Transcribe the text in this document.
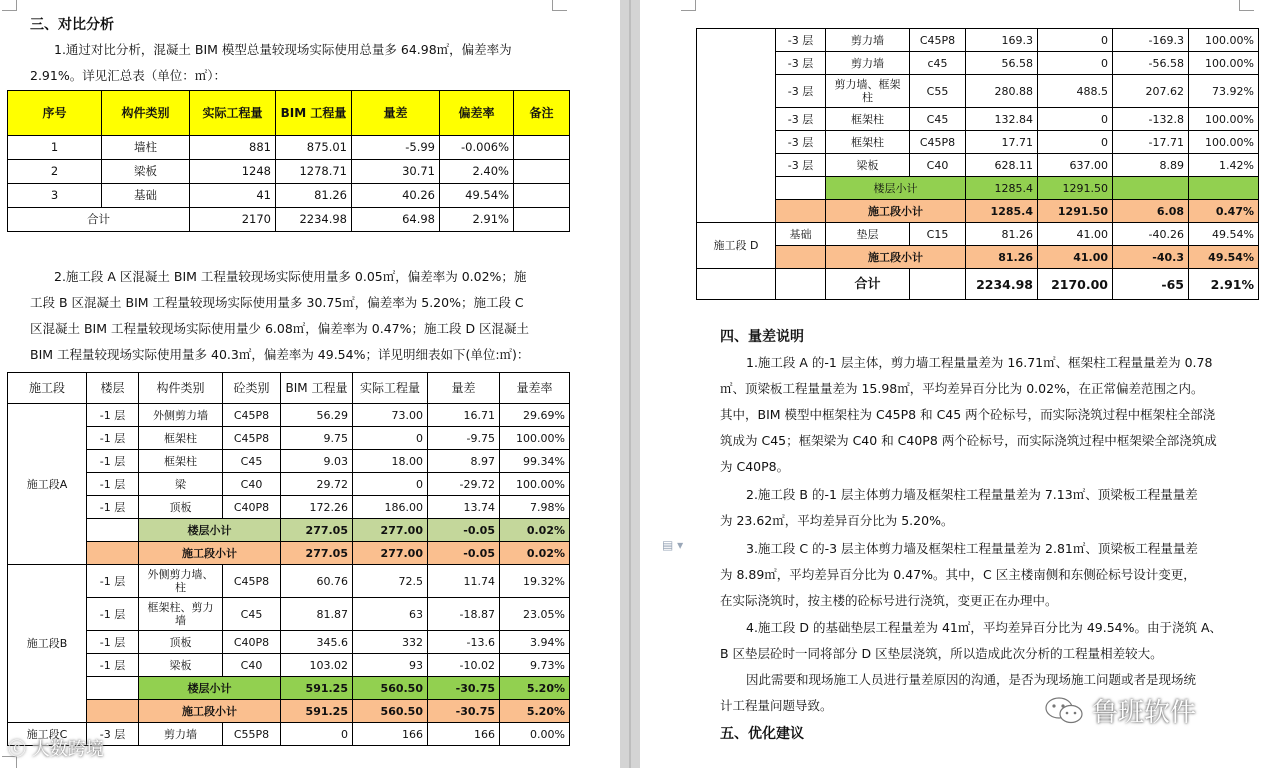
三、对比分析
1.通过对比分析，混凝土 BIM 模型总量较现场实际使用总量多 64.98㎡，偏差率为
2.91%。详见汇总表（单位：㎡）：
序号	构件类别	实际工程量	BIM 工程量	量差	偏差率	备注
1	墙柱	881	875.01	-5.99	-0.006%	
2	梁板	1248	1278.71	30.71	2.40%	
3	基础	41	81.26	40.26	49.54%	
合计		2170	2234.98	64.98	2.91%	
2.施工段 A 区混凝土 BIM 工程量较现场实际使用量多 0.05㎡，偏差率为 0.02%；施
工段 B 区混凝土 BIM 工程量较现场实际使用量多 30.75㎡，偏差率为 5.20%；施工段 C
区混凝土 BIM 工程量较现场实际使用量少 6.08㎡，偏差率为 0.47%；施工段 D 区混凝土
BIM 工程量较现场实际使用量多 40.3㎡，偏差率为 49.54%；详见明细表如下(单位:㎡)：
施工段	楼层	构件类别	砼类别	BIM 工程量	实际工程量	量差	量差率
施工段A	-1 层	外侧剪力墙	C45P8	56.29	73.00	16.71	29.69%
	-1 层	框架柱	C45P8	9.75	0	-9.75	100.00%
	-1 层	框架柱	C45	9.03	18.00	8.97	99.34%
	-1 层	梁	C40	29.72	0	-29.72	100.00%
	-1 层	顶板	C40P8	172.26	186.00	13.74	7.98%
		楼层小计		277.05	277.00	-0.05	0.02%
		施工段小计		277.05	277.00	-0.05	0.02%
施工段B	-1 层	外侧剪力墙、柱	C45P8	60.76	72.5	11.74	19.32%
	-1 层	框架柱、剪力墙	C45	81.87	63	-18.87	23.05%
	-1 层	顶板	C40P8	345.6	332	-13.6	3.94%
	-1 层	梁板	C40	103.02	93	-10.02	9.73%
		楼层小计		591.25	560.50	-30.75	5.20%
		施工段小计		591.25	560.50	-30.75	5.20%
施工段C	-3 层	剪力墙	C55P8	0	166	166	0.00%
ⓒ 大数跨境
	-3 层	剪力墙	C45P8	169.3	0	-169.3	100.00%
	-3 层	剪力墙	c45	56.58	0	-56.58	100.00%
	-3 层	剪力墙、框架柱	C55	280.88	488.5	207.62	73.92%
	-3 层	框架柱	C45	132.84	0	-132.8	100.00%
	-3 层	框架柱	C45P8	17.71	0	-17.71	100.00%
	-3 层	梁板	C40	628.11	637.00	8.89	1.42%
		楼层小计		1285.4	1291.50		
		施工段小计		1285.4	1291.50	6.08	0.47%
施工段 D	基础	垫层	C15	81.26	41.00	-40.26	49.54%
		施工段小计		81.26	41.00	-40.3	49.54%
		合计		2234.98	2170.00	-65	2.91%
四、量差说明
1.施工段 A 的-1 层主体，剪力墙工程量量差为 16.71㎡、框架柱工程量量差为 0.78
㎡、顶梁板工程量量差为 15.98㎡，平均差异百分比为 0.02%，在正常偏差范围之内。
其中，BIM 模型中框架柱为 C45P8 和 C45 两个砼标号，而实际浇筑过程中框架柱全部浇
筑成为 C45；框架梁为 C40 和 C40P8 两个砼标号，而实际浇筑过程中框架梁全部浇筑成
为 C40P8。
2.施工段 B 的-1 层主体剪力墙及框架柱工程量量差为 7.13㎡、顶梁板工程量量差
为 23.62㎡，平均差异百分比为 5.20%。
3.施工段 C 的-3 层主体剪力墙及框架柱工程量量差为 2.81㎡、顶梁板工程量量差
为 8.89㎡，平均差异百分比为 0.47%。其中，C 区主楼南侧和东侧砼标号设计变更，
在实际浇筑时，按主楼的砼标号进行浇筑，变更正在办理中。
4.施工段 D 的基础垫层工程量差为 41㎡，平均差异百分比为 49.54%。由于浇筑 A、
B 区垫层砼时一同将部分 D 区垫层浇筑，所以造成此次分析的工程量相差较大。
因此需要和现场施工人员进行量差原因的沟通，是否为现场施工问题或者是现场统
计工程量问题导致。
五、优化建议
鲁班软件
▤ ▾
